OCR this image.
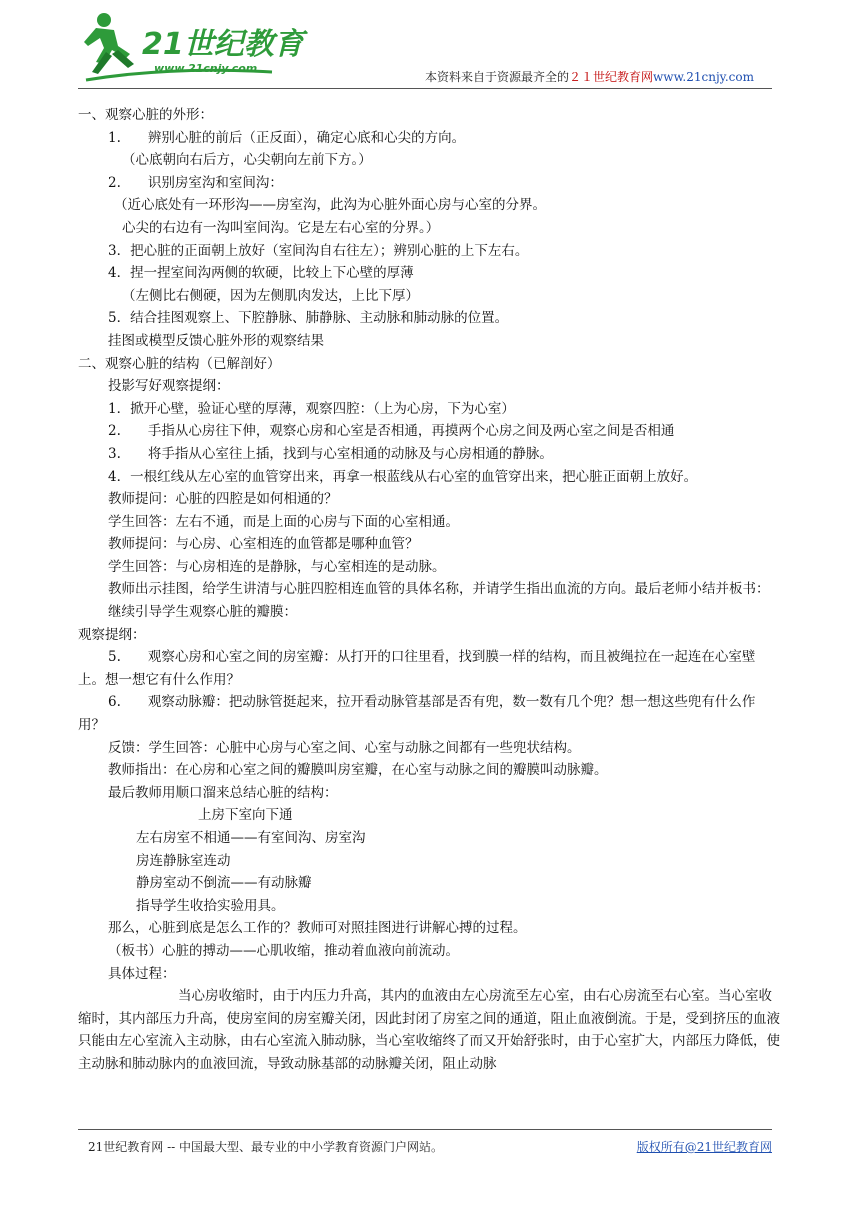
21世纪教育
www.21cnjy.com
本资料来自于资源最齐全的２１世纪教育网www.21cnjy.com
一、观察心脏的外形：
1.　　辨别心脏的前后（正反面），确定心底和心尖的方向。
（心底朝向右后方，心尖朝向左前下方。）
2.　　识别房室沟和室间沟：
（近心底处有一环形沟——房室沟，此沟为心脏外面心房与心室的分界。
心尖的右边有一沟叫室间沟。它是左右心室的分界。）
3．把心脏的正面朝上放好（室间沟自右往左）；辨别心脏的上下左右。
4．捏一捏室间沟两侧的软硬，比较上下心壁的厚薄
（左侧比右侧硬，因为左侧肌肉发达，上比下厚）
5．结合挂图观察上、下腔静脉、肺静脉、主动脉和肺动脉的位置。
挂图或模型反馈心脏外形的观察结果
二、观察心脏的结构（已解剖好）
投影写好观察提纲：
1．掀开心壁，验证心壁的厚薄，观察四腔：（上为心房，下为心室）
2.　　手指从心房往下伸，观察心房和心室是否相通，再摸两个心房之间及两心室之间是否相通
3.　　将手指从心室往上插，找到与心室相通的动脉及与心房相通的静脉。
4．一根红线从左心室的血管穿出来，再拿一根蓝线从右心室的血管穿出来，把心脏正面朝上放好。
教师提问：心脏的四腔是如何相通的？
学生回答：左右不通，而是上面的心房与下面的心室相通。
教师提问：与心房、心室相连的血管都是哪种血管？
学生回答：与心房相连的是静脉，与心室相连的是动脉。
教师出示挂图，给学生讲清与心脏四腔相连血管的具体名称，并请学生指出血流的方向。最后老师小结并板书：
继续引导学生观察心脏的瓣膜：
观察提纲：
5.　　观察心房和心室之间的房室瓣：从打开的口往里看，找到膜一样的结构，而且被绳拉在一起连在心室壁上。想一想它有什么作用？
6.　　观察动脉瓣：把动脉管挺起来，拉开看动脉管基部是否有兜，数一数有几个兜？想一想这些兜有什么作用？
反馈：学生回答：心脏中心房与心室之间、心室与动脉之间都有一些兜状结构。
教师指出：在心房和心室之间的瓣膜叫房室瓣，在心室与动脉之间的瓣膜叫动脉瓣。
最后教师用顺口溜来总结心脏的结构：
上房下室向下通
左右房室不相通——有室间沟、房室沟
房连静脉室连动
静房室动不倒流——有动脉瓣
指导学生收拾实验用具。
那么，心脏到底是怎么工作的？教师可对照挂图进行讲解心搏的过程。
（板书）心脏的搏动——心肌收缩，推动着血液向前流动。
具体过程：
当心房收缩时，由于内压力升高，其内的血液由左心房流至左心室，由右心房流至右心室。当心室收缩时，其内部压力升高，使房室间的房室瓣关闭，因此封闭了房室之间的通道，阻止血液倒流。于是，受到挤压的血液只能由左心室流入主动脉，由右心室流入肺动脉，当心室收缩终了而又开始舒张时，由于心室扩大，内部压力降低，使主动脉和肺动脉内的血液回流，导致动脉基部的动脉瓣关闭，阻止动脉
21世纪教育网 -- 中国最大型、最专业的中小学教育资源门户网站。	版权所有@21世纪教育网
